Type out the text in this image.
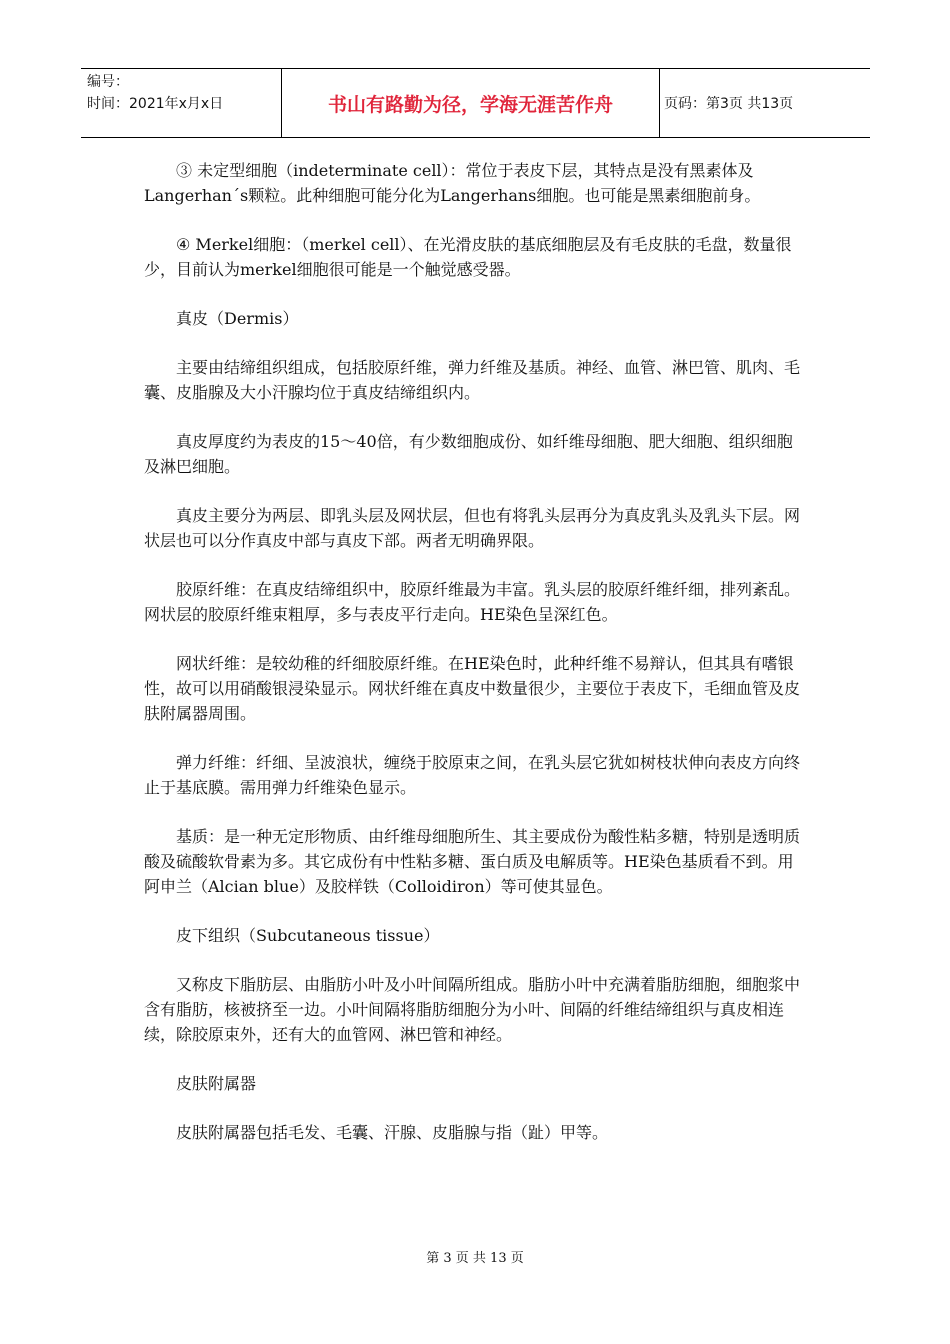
编号：
时间：2021年x月x日	书山有路勤为径，学海无涯苦作舟	页码：第3页 共13页

③ 未定型细胞（indeterminate cell）：常位于表皮下层，其特点是没有黑素体及Langerhan´s颗粒。此种细胞可能分化为Langerhans细胞。也可能是黑素细胞前身。

④ Merkel细胞：（merkel cell）、在光滑皮肤的基底细胞层及有毛皮肤的毛盘，数量很少，目前认为merkel细胞很可能是一个触觉感受器。

真皮（Dermis）

主要由结缔组织组成，包括胶原纤维，弹力纤维及基质。神经、血管、淋巴管、肌肉、毛囊、皮脂腺及大小汗腺均位于真皮结缔组织内。

真皮厚度约为表皮的15～40倍，有少数细胞成份、如纤维母细胞、肥大细胞、组织细胞及淋巴细胞。

真皮主要分为两层、即乳头层及网状层，但也有将乳头层再分为真皮乳头及乳头下层。网状层也可以分作真皮中部与真皮下部。两者无明确界限。

胶原纤维：在真皮结缔组织中，胶原纤维最为丰富。乳头层的胶原纤维纤细，排列紊乱。网状层的胶原纤维束粗厚，多与表皮平行走向。HE染色呈深红色。

网状纤维：是较幼稚的纤细胶原纤维。在HE染色时，此种纤维不易辩认，但其具有嗜银性，故可以用硝酸银浸染显示。网状纤维在真皮中数量很少，主要位于表皮下，毛细血管及皮肤附属器周围。

弹力纤维：纤细、呈波浪状，缠绕于胶原束之间，在乳头层它犹如树枝状伸向表皮方向终止于基底膜。需用弹力纤维染色显示。

基质：是一种无定形物质、由纤维母细胞所生、其主要成份为酸性粘多糖，特别是透明质酸及硫酸软骨素为多。其它成份有中性粘多糖、蛋白质及电解质等。HE染色基质看不到。用阿申兰（Alcian blue）及胶样铁（Colloidiron）等可使其显色。

皮下组织（Subcutaneous tissue）

又称皮下脂肪层、由脂肪小叶及小叶间隔所组成。脂肪小叶中充满着脂肪细胞，细胞浆中含有脂肪，核被挤至一边。小叶间隔将脂肪细胞分为小叶、间隔的纤维结缔组织与真皮相连续，除胶原束外，还有大的血管网、淋巴管和神经。

皮肤附属器

皮肤附属器包括毛发、毛囊、汗腺、皮脂腺与指（趾）甲等。

第 3 页 共 13 页
